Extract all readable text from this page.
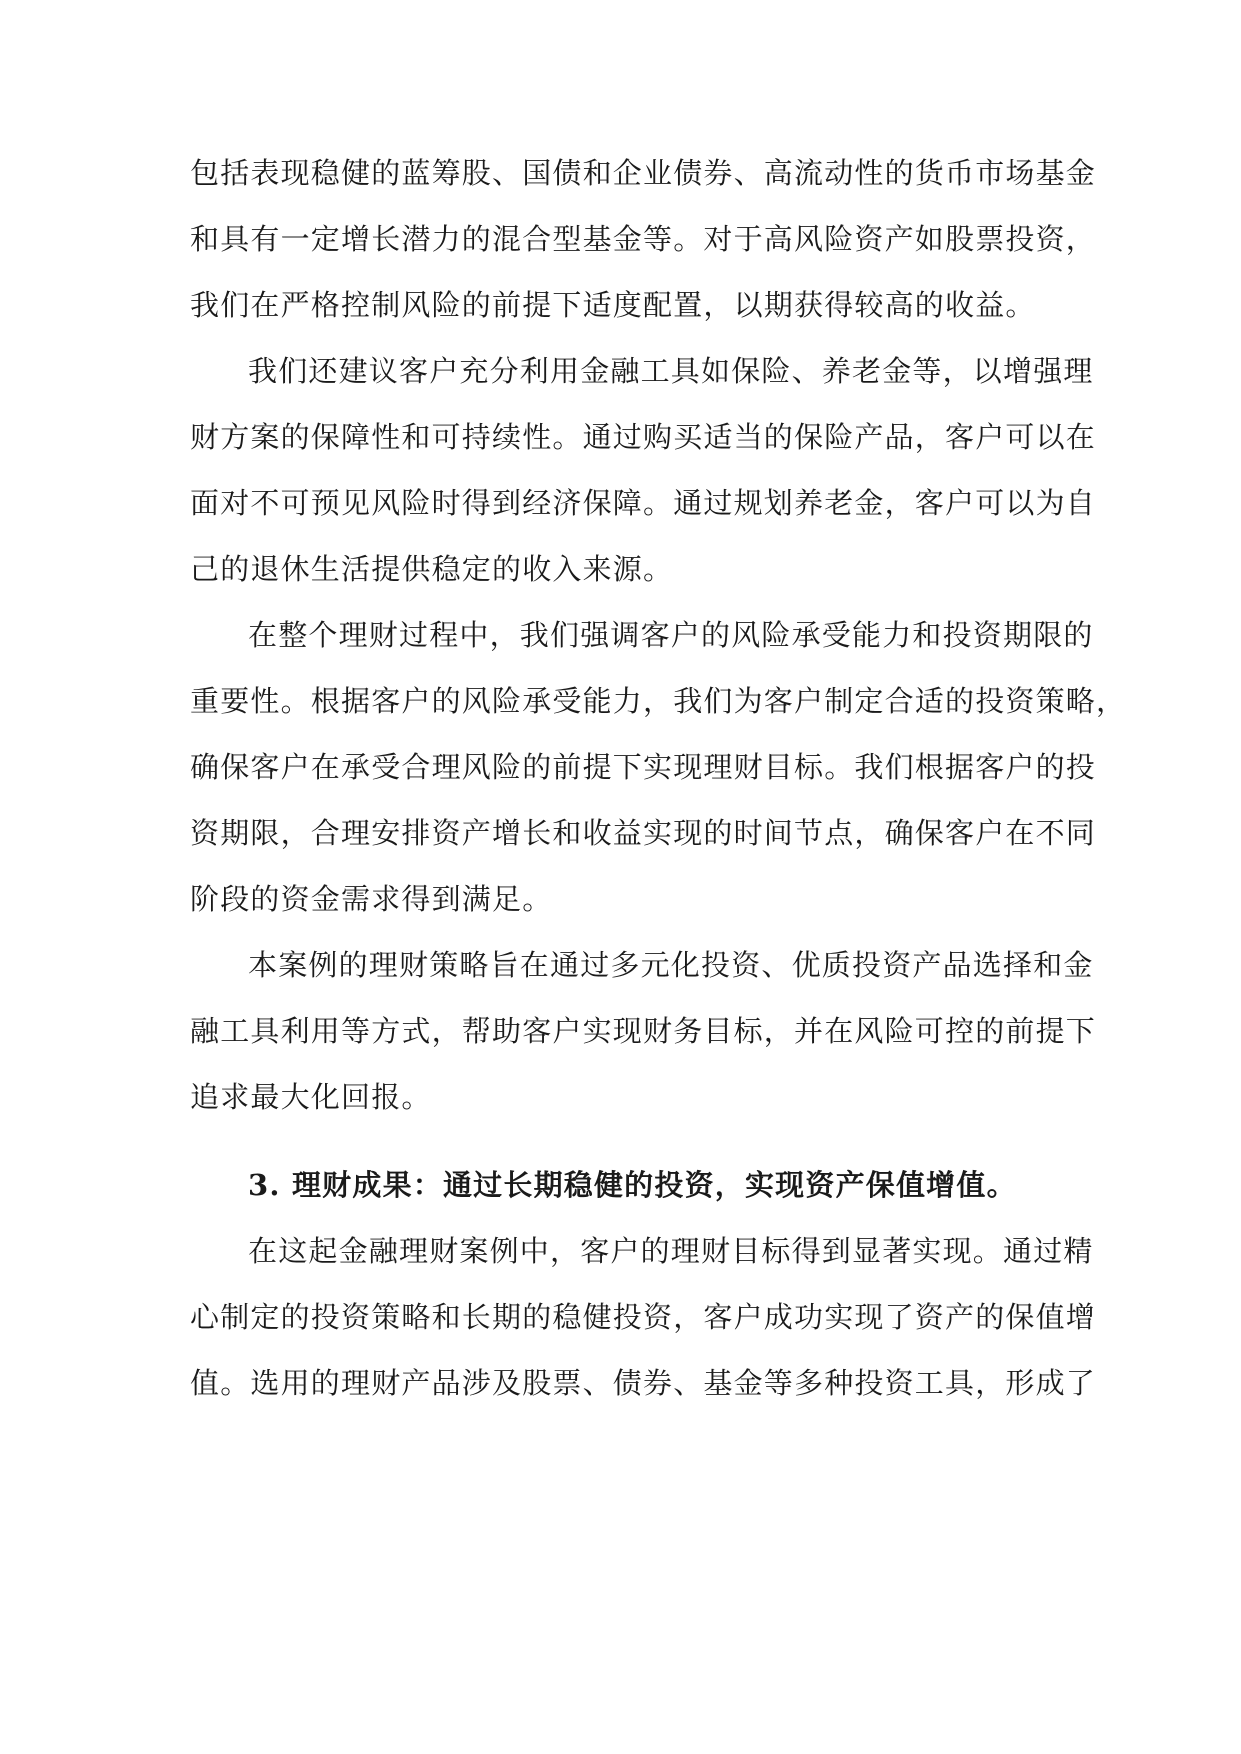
包括表现稳健的蓝筹股、国债和企业债券、高流动性的货币市场基金
和具有一定增长潜力的混合型基金等。对于高风险资产如股票投资，
我们在严格控制风险的前提下适度配置，以期获得较高的收益。

我们还建议客户充分利用金融工具如保险、养老金等，以增强理
财方案的保障性和可持续性。通过购买适当的保险产品，客户可以在
面对不可预见风险时得到经济保障。通过规划养老金，客户可以为自
己的退休生活提供稳定的收入来源。

在整个理财过程中，我们强调客户的风险承受能力和投资期限的
重要性。根据客户的风险承受能力，我们为客户制定合适的投资策略，
确保客户在承受合理风险的前提下实现理财目标。我们根据客户的投
资期限，合理安排资产增长和收益实现的时间节点，确保客户在不同
阶段的资金需求得到满足。

本案例的理财策略旨在通过多元化投资、优质投资产品选择和金
融工具利用等方式，帮助客户实现财务目标，并在风险可控的前提下
追求最大化回报。

3. 理财成果：通过长期稳健的投资，实现资产保值增值。

在这起金融理财案例中，客户的理财目标得到显著实现。通过精
心制定的投资策略和长期的稳健投资，客户成功实现了资产的保值增
值。选用的理财产品涉及股票、债券、基金等多种投资工具，形成了
